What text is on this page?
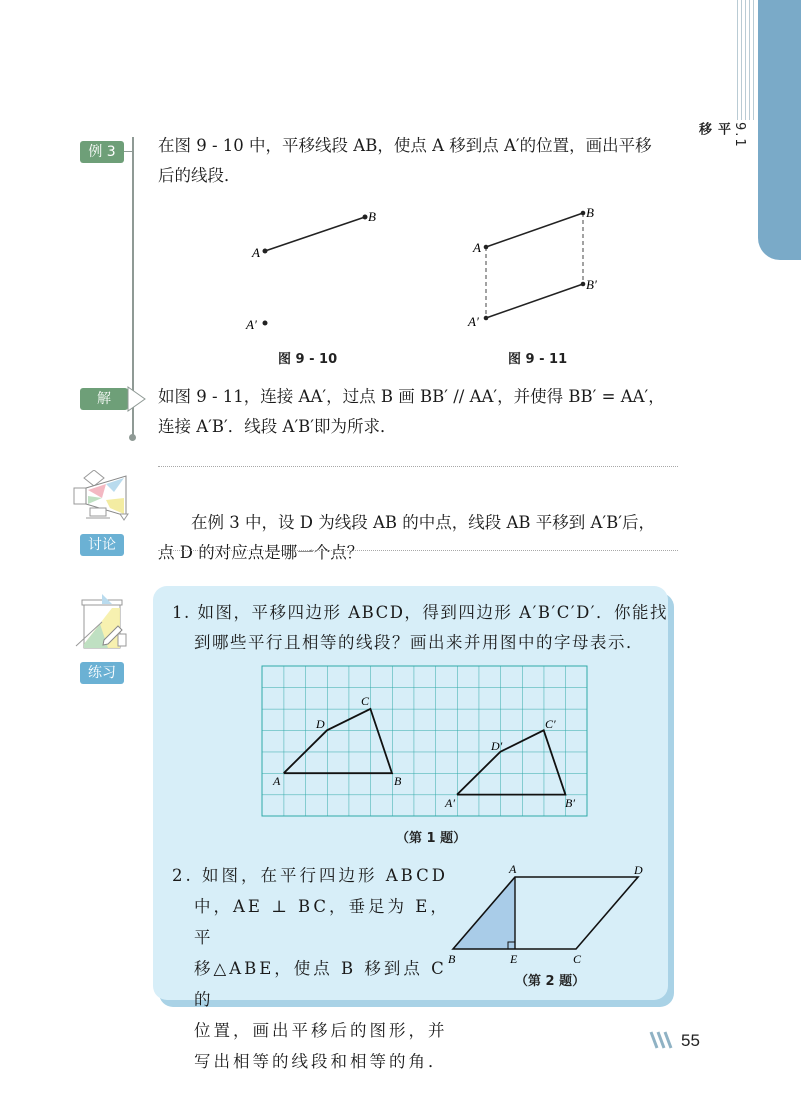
9.1
平
移
例 3	在图 9 - 10 中，平移线段 AB，使点 A 移到点 A′的位置，画出平移
后的线段．
A
B
A′
图 9 - 10
A
B
B′
A′
图 9 - 11
解	如图 9 - 11，连接 AA′，过点 B 画 BB′ // AA′，并使得 BB′ = AA′，
连接 A′B′．线段 A′B′即为所求．
讨论
在例 3 中，设 D 为线段 AB 的中点，线段 AB 平移到 A′B′后，
点 D 的对应点是哪一个点？
练习
1. 如图，平移四边形 ABCD，得到四边形 A′B′C′D′．你能找
到哪些平行且相等的线段？画出来并用图中的字母表示．
A	B
C
D
A′	B′
C′
D′
（第 1 题）
2. 如图，在平行四边形 ABCD
中，AE ⊥ BC，垂足为 E，平
移△ABE，使点 B 移到点 C 的
位置，画出平移后的图形，并
写出相等的线段和相等的角．
A	D
B	E	C
（第 2 题）
55
